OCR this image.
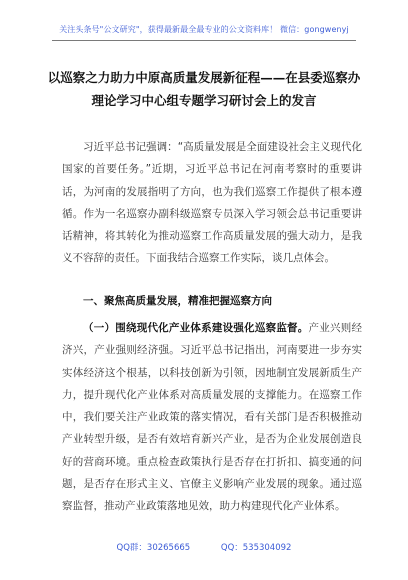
关注头条号"公文研究"，获得最新最全最专业的公文资料库！ 微信：gongwenyj
以巡察之力助力中原高质量发展新征程——在县委巡察办
理论学习中心组专题学习研讨会上的发言

习近平总书记强调：“高质量发展是全面建设社会主义现代化国家的首要任务。”近期，习近平总书记在河南考察时的重要讲话，为河南的发展指明了方向，也为我们巡察工作提供了根本遵循。作为一名巡察办副科级巡察专员深入学习领会总书记重要讲话精神，将其转化为推动巡察工作高质量发展的强大动力，是我义不容辞的责任。下面我结合巡察工作实际，谈几点体会。

一、聚焦高质量发展，精准把握巡察方向

（一）围绕现代化产业体系建设强化巡察监督。产业兴则经济兴，产业强则经济强。习近平总书记指出，河南要进一步夯实实体经济这个根基，以科技创新为引领，因地制宜发展新质生产力，提升现代化产业体系对高质量发展的支撑能力。在巡察工作中，我们要关注产业政策的落实情况，看有关部门是否积极推动产业转型升级，是否有效培育新兴产业，是否为企业发展创造良好的营商环境。重点检查政策执行是否存在打折扣、搞变通的问题，是否存在形式主义、官僚主义影响产业发展的现象。通过巡察监督，推动产业政策落地见效，助力构建现代化产业体系。

QQ群：30265665	QQ：535304092
